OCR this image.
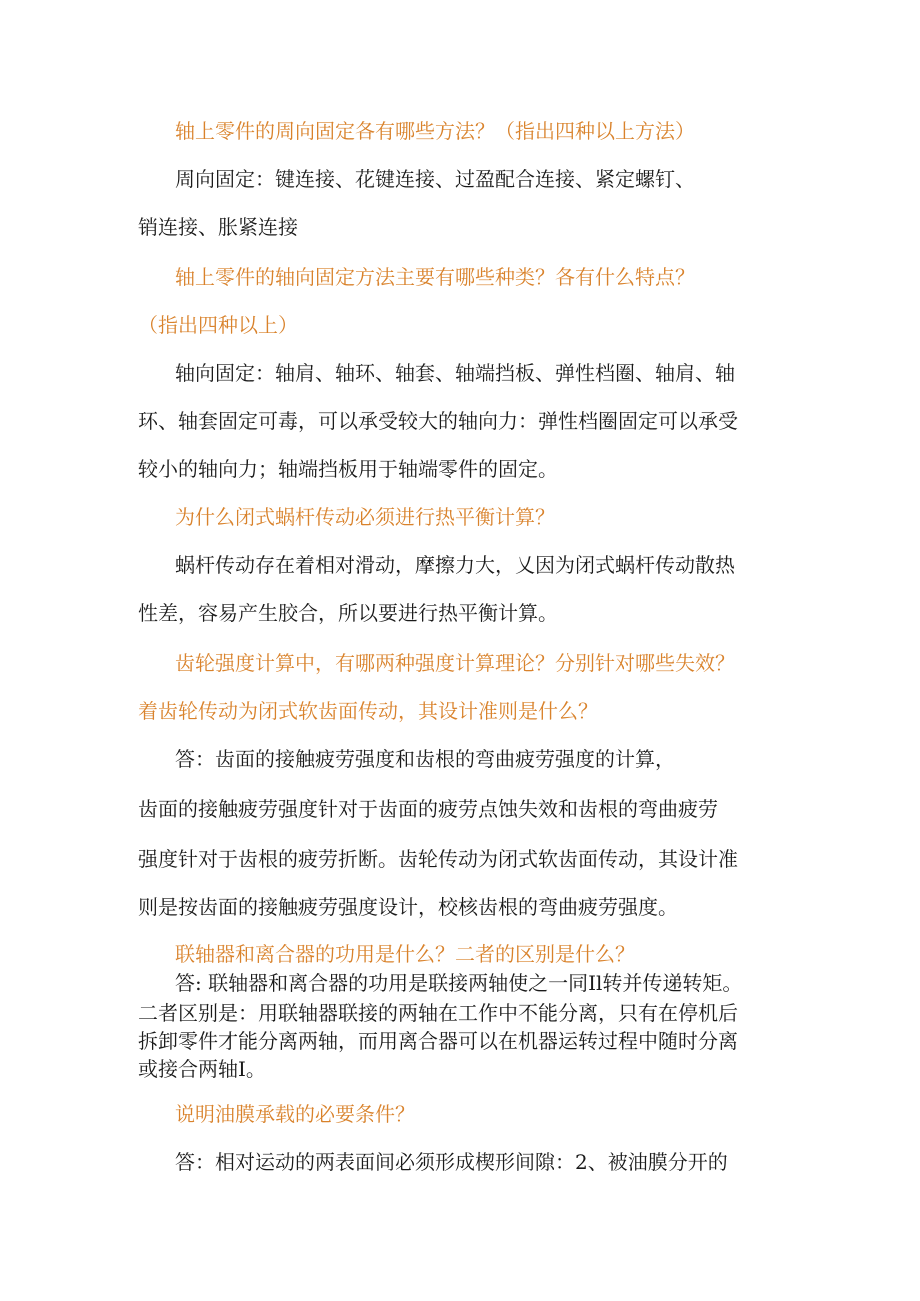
轴上零件的周向固定各有哪些方法？（指出四种以上方法）

周向固定：键连接、花键连接、过盈配合连接、紧定螺钉、

销连接、胀紧连接

轴上零件的轴向固定方法主要有哪些种类？各有什么特点？

（指出四种以上）

轴向固定：轴肩、轴环、轴套、轴端挡板、弹性档圈、轴肩、轴

环、轴套固定可毒，可以承受较大的轴向力：弹性档圈固定可以承受

较小的轴向力；轴端挡板用于轴端零件的固定。

为什么闭式蜗杆传动必须进行热平衡计算？

蜗杆传动存在着相对滑动，摩擦力大，乂因为闭式蜗杆传动散热

性差，容易产生胶合，所以要进行热平衡计算。

齿轮强度计算中，有哪两种强度计算理论？分别针对哪些失效？

着齿轮传动为闭式软齿面传动，其设计准则是什么？

答：齿面的接触疲劳强度和齿根的弯曲疲劳强度的计算，

齿面的接触疲劳强度针对于齿面的疲劳点蚀失效和齿根的弯曲疲劳

强度针对于齿根的疲劳折断。齿轮传动为闭式软齿面传动，其设计准

则是按齿面的接触疲劳强度设计，校核齿根的弯曲疲劳强度。

联轴器和离合器的功用是什么？二者的区别是什么？

答: 联轴器和离合器的功用是联接两轴使之一同Il转并传递转矩。

二者区别是：用联轴器联接的两轴在工作中不能分离，只有在停机后

拆卸零件才能分离两轴，而用离合器可以在机器运转过程中随时分离

或接合两轴I。

说明油膜承载的必要条件？

答：相对运动的两表面间必须形成楔形间隙：2、被油膜分开的
